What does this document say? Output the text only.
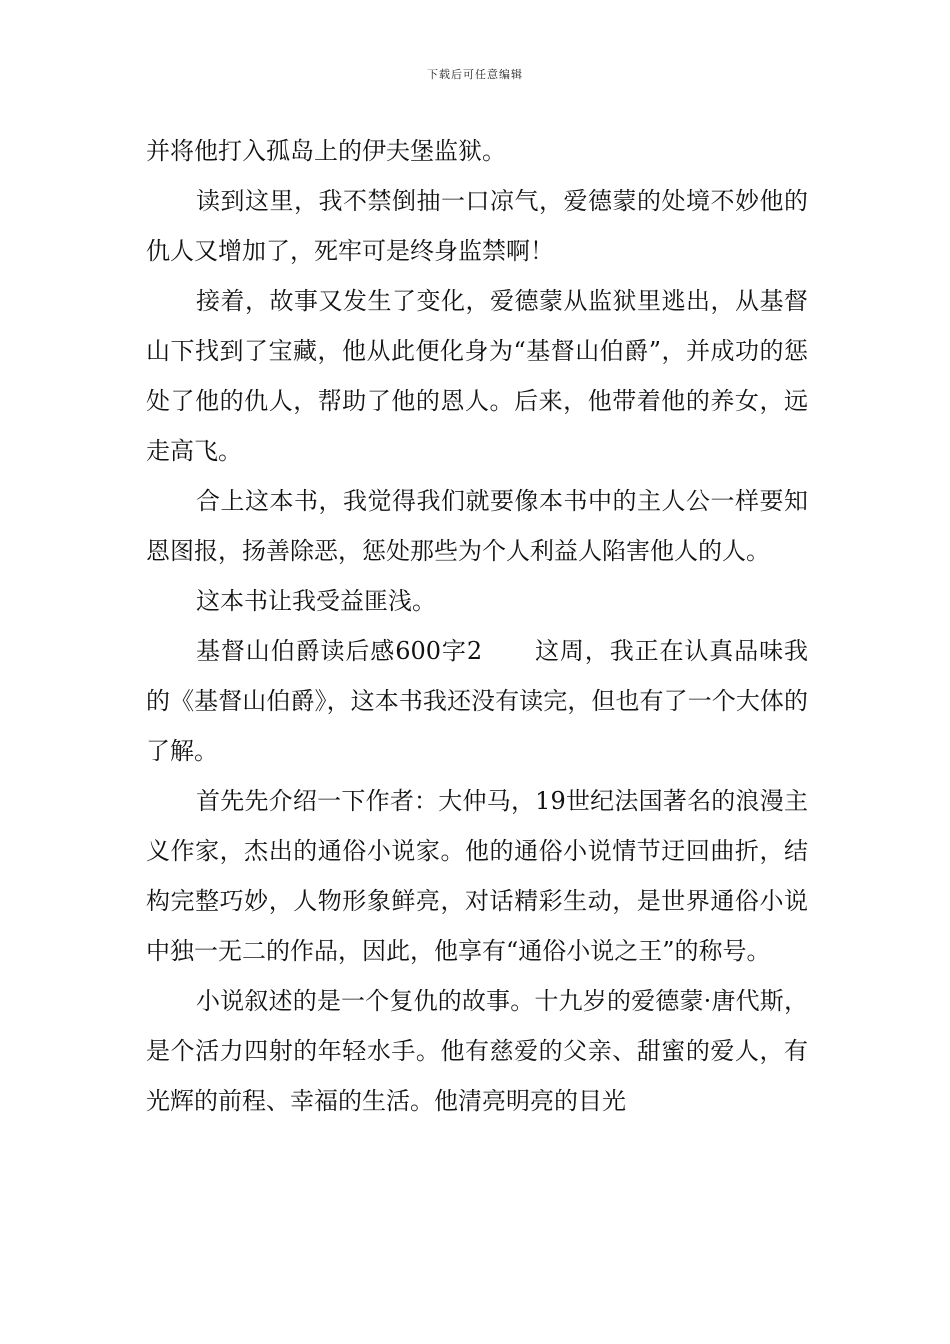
下载后可任意编辑

并将他打入孤岛上的伊夫堡监狱。

读到这里，我不禁倒抽一口凉气，爱德蒙的处境不妙他的仇人又增加了，死牢可是终身监禁啊！

接着，故事又发生了变化，爱德蒙从监狱里逃出，从基督山下找到了宝藏，他从此便化身为“基督山伯爵”，并成功的惩处了他的仇人，帮助了他的恩人。后来，他带着他的养女，远走高飞。

合上这本书，我觉得我们就要像本书中的主人公一样要知恩图报，扬善除恶，惩处那些为个人利益人陷害他人的人。

这本书让我受益匪浅。

基督山伯爵读后感600字2 这周，我正在认真品味我的《基督山伯爵》，这本书我还没有读完，但也有了一个大体的了解。

首先先介绍一下作者：大仲马，19世纪法国著名的浪漫主义作家，杰出的通俗小说家。他的通俗小说情节迂回曲折，结构完整巧妙，人物形象鲜亮，对话精彩生动，是世界通俗小说中独一无二的作品，因此，他享有“通俗小说之王”的称号。

小说叙述的是一个复仇的故事。十九岁的爱德蒙·唐代斯，是个活力四射的年轻水手。他有慈爱的父亲、甜蜜的爱人，有光辉的前程、幸福的生活。他清亮明亮的目光
